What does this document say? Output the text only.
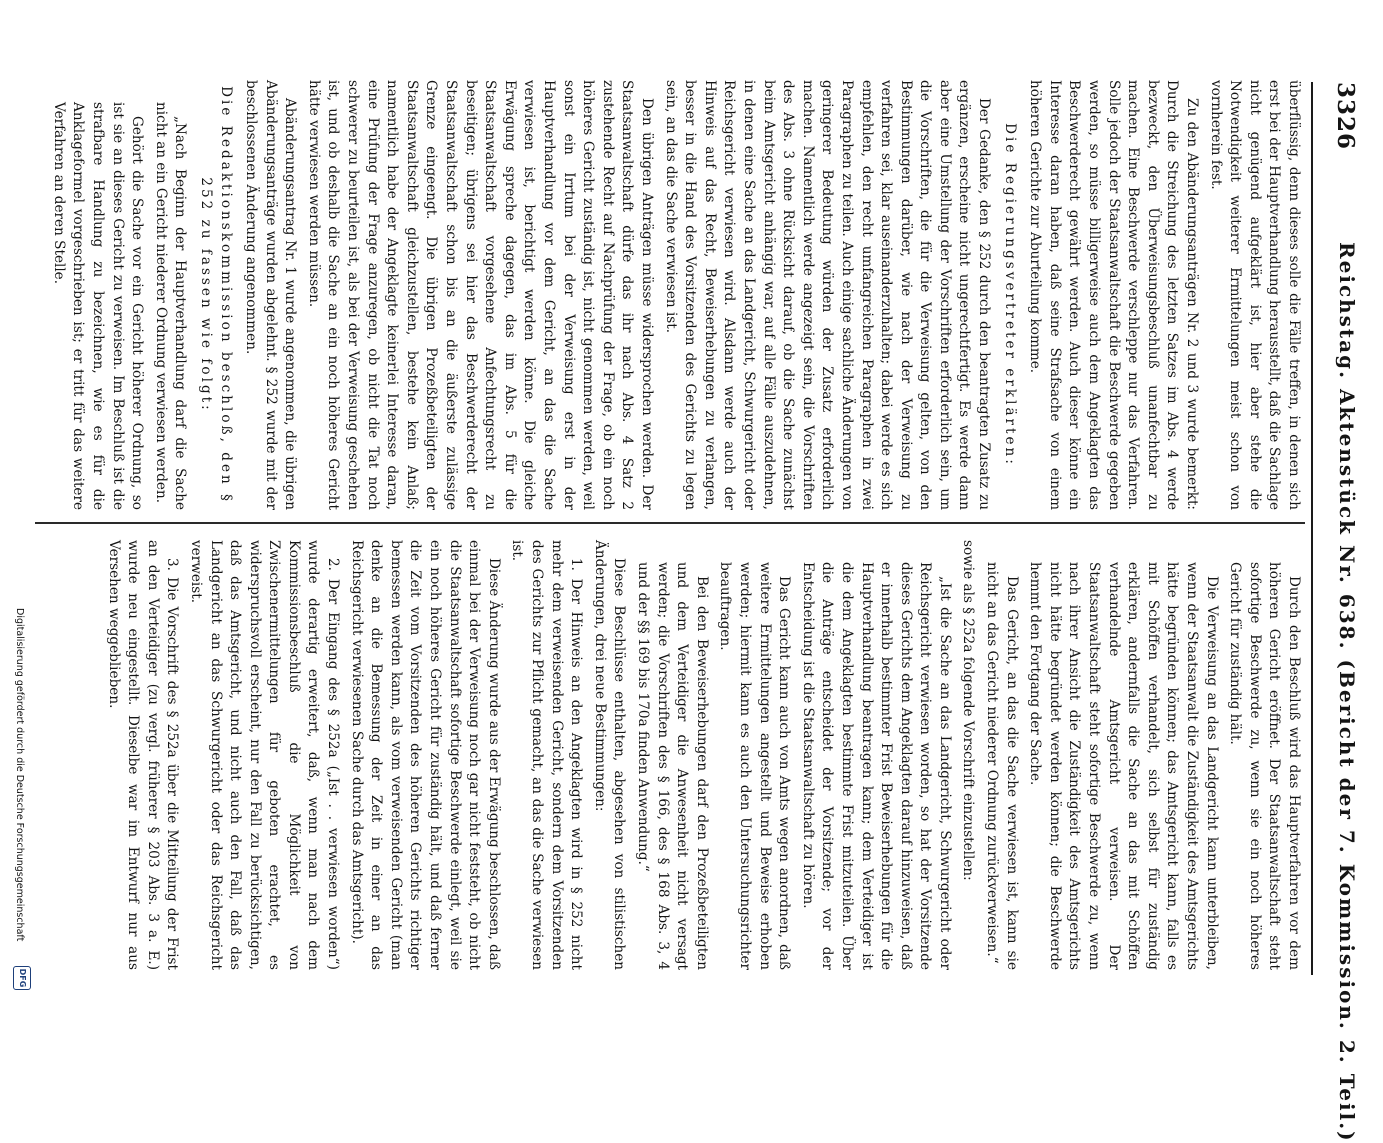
3326
Reichstag. Aktenstück Nr. 638. (Bericht der 7. Kommission. 2. Teil.)

überflüssig, denn dieses solle die Fälle treffen, in denen sich erst bei der Hauptverhandlung herausstellt, daß die Sachlage nicht genügend aufgeklärt ist, hier aber stehe die Notwendigkeit weiterer Ermittelungen meist schon von vornherein fest.

Zu den Abänderungsanträgen Nr. 2 und 3 wurde bemerkt: Durch die Streichung des letzten Satzes im Abs. 4 werde bezweckt, den Überweisungsbeschluß unanfechtbar zu machen. Eine Beschwerde verschleppe nur das Verfahren. Solle jedoch der Staatsanwaltschaft die Beschwerde gegeben werden, so müsse billigerweise auch dem Angeklagten das Beschwerderecht gewährt werden. Auch dieser könne ein Interesse daran haben, daß seine Strafsache von einem höheren Gerichte zur Aburteilung komme.

Die Regierungsvertreter erklärten:

Der Gedanke, den § 252 durch den beantragten Zusatz zu ergänzen, erscheine nicht ungerechtfertigt. Es werde dann aber eine Umstellung der Vorschriften erforderlich sein, um die Vorschriften, die für die Verweisung gelten, von den Bestimmungen darüber, wie nach der Verweisung zu verfahren sei, klar auseinanderzuhalten; dabei werde es sich empfehlen, den recht umfangreichen Paragraphen in zwei Paragraphen zu teilen. Auch einige sachliche Änderungen von geringerer Bedeutung würden der Zusatz erforderlich machen. Namentlich werde angezeigt sein, die Vorschriften des Abs. 3 ohne Rücksicht darauf, ob die Sache zunächst beim Amtsgericht anhängig war, auf alle Fälle auszudehnen, in denen eine Sache an das Landgericht, Schwurgericht oder Reichsgericht verwiesen wird. Alsdann werde auch der Hinweis auf das Recht, Beweiserhebungen zu verlangen, besser in die Hand des Vorsitzenden des Gerichts zu legen sein, an das die Sache verwiesen ist.

Den übrigen Anträgen müsse widersprochen werden. Der Staatsanwaltschaft dürfe das ihr nach Abs. 4 Satz 2 zustehende Recht auf Nachprüfung der Frage, ob ein noch höheres Gericht zuständig ist, nicht genommen werden, weil sonst ein Irrtum bei der Verweisung erst in der Hauptverhandlung vor dem Gericht, an das die Sache verwiesen ist, berichtigt werden könne. Die gleiche Erwägung spreche dagegen, das im Abs. 5 für die Staatsanwaltschaft vorgesehene Anfechtungsrecht zu beseitigen; übrigens sei hier das Beschwerderecht der Staatsanwaltschaft schon bis an die äußerste zulässige Grenze eingeengt. Die übrigen Prozeßbeteiligten der Staatsanwaltschaft gleichzustellen, bestehe kein Anlaß; namentlich habe der Angeklagte keinerlei Interesse daran, eine Prüfung der Frage anzuregen, ob nicht die Tat noch schwerer zu beurteilen ist, als bei der Verweisung geschehen ist, und ob deshalb die Sache an ein noch höheres Gericht hätte verwiesen werden müssen.

Abänderungsantrag Nr. 1 wurde angenommen, die übrigen Abänderungsanträge wurden abgelehnt. § 252 wurde mit der beschlossenen Änderung angenommen.

Die Redaktionskommission beschloß, den § 252 zu fassen wie folgt:

„Nach Beginn der Hauptverhandlung darf die Sache nicht an ein Gericht niederer Ordnung verwiesen werden.

Gehört die Sache vor ein Gericht höherer Ordnung, so ist sie an dieses Gericht zu verweisen. Im Beschluß ist die strafbare Handlung zu bezeichnen, wie es für die Anklageformel vorgeschrieben ist; er tritt für das weitere Verfahren an deren Stelle.

Durch den Beschluß wird das Hauptverfahren vor dem höheren Gericht eröffnet. Der Staatsanwaltschaft steht sofortige Beschwerde zu, wenn sie ein noch höheres Gericht für zuständig hält.

Die Verweisung an das Landgericht kann unterbleiben, wenn der Staatsanwalt die Zuständigkeit des Amtsgerichts hätte begründen können; das Amtsgericht kann, falls es mit Schöffen verhandelt, sich selbst für zuständig erklären, andernfalls die Sache an das mit Schöffen verhandelnde Amtsgericht verweisen. Der Staatsanwaltschaft steht sofortige Beschwerde zu, wenn nach ihrer Ansicht die Zuständigkeit des Amtsgerichts nicht hätte begründet werden können; die Beschwerde hemmt den Fortgang der Sache.

Das Gericht, an das die Sache verwiesen ist, kann sie nicht an das Gericht niederer Ordnung zurückverweisen.“

sowie als § 252a folgende Vorschrift einzustellen:

„Ist die Sache an das Landgericht, Schwurgericht oder Reichsgericht verwiesen worden, so hat der Vorsitzende dieses Gerichts dem Angeklagten darauf hinzuweisen, daß er innerhalb bestimmter Frist Beweiserhebungen für die Hauptverhandlung beantragen kann; dem Verteidiger ist die dem Angeklagten bestimmte Frist mitzuteilen. Über die Anträge entscheidet der Vorsitzende; vor der Entscheidung ist die Staatsanwaltschaft zu hören.

Das Gericht kann auch von Amts wegen anordnen, daß weitere Ermittelungen angestellt und Beweise erhoben werden; hiermit kann es auch den Untersuchungsrichter beauftragen.

Bei den Beweiserhebungen darf den Prozeßbeteiligten und dem Verteidiger die Anwesenheit nicht versagt werden; die Vorschriften des § 166, des § 168 Abs. 3, 4 und der §§ 169 bis 170a finden Anwendung.“

Diese Beschlüsse enthalten, abgesehen von stilistischen Änderungen, drei neue Bestimmungen:

1. Der Hinweis an den Angeklagten wird in § 252 nicht mehr dem verweisenden Gericht, sondern dem Vorsitzenden des Gerichts zur Pflicht gemacht, an das die Sache verwiesen ist.

Diese Änderung wurde aus der Erwägung beschlossen, daß einmal bei der Verweisung noch gar nicht feststeht, ob nicht die Staatsanwaltschaft sofortige Beschwerde einlegt, weil sie ein noch höheres Gericht für zuständig hält, und daß ferner die Zeit vom Vorsitzenden des höheren Gerichts richtiger bemessen werden kann, als vom verweisenden Gericht (man denke an die Bemessung der Zeit in einer an das Reichsgericht verwiesenen Sache durch das Amtsgericht).

2. Der Eingang des § 252a („Ist . . verwiesen worden“) wurde derartig erweitert, daß, wenn man nach dem Kommissionsbeschluß die Möglichkeit von Zwischenermittelungen für geboten erachtet, es widerspruchsvoll erscheint, nur den Fall zu berücksichtigen, daß das Amtsgericht, und nicht auch den Fall, daß das Landgericht an das Schwurgericht oder das Reichsgericht verweist.

3. Die Vorschrift des § 252a über die Mitteilung der Frist an den Verteidiger (zu vergl. früherer § 203 Abs. 3 a. E.) wurde neu eingestellt. Dieselbe war im Entwurf nur aus Versehen weggeblieben.

Digitalisierung gefördert durch die Deutsche Forschungsgemeinschaft
DFG
